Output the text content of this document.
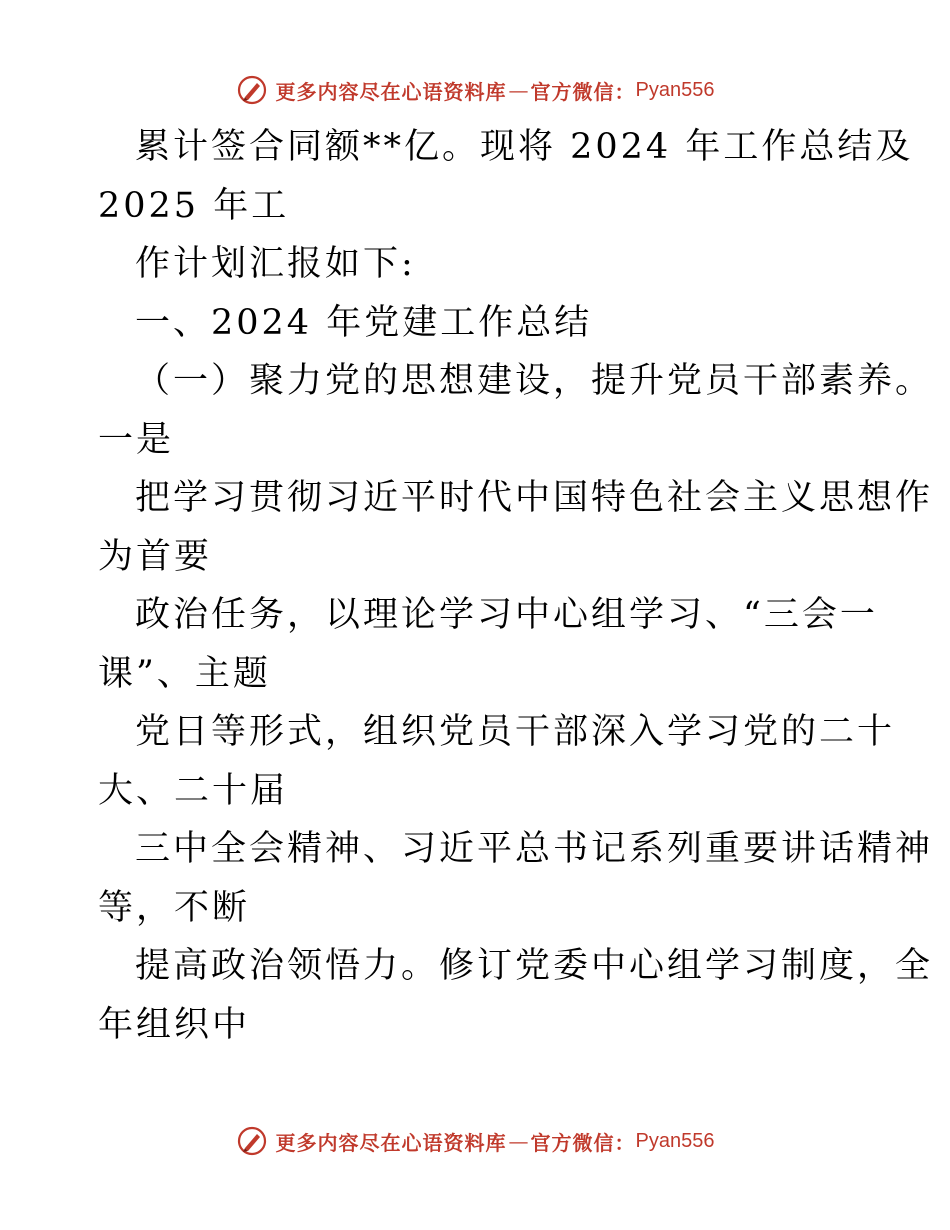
更多内容尽在心语资料库 — 官方微信： Pyan556
累计签合同额**亿。现将 2024 年工作总结及
2025 年工
作计划汇报如下:
一、2024 年党建工作总结
（一）聚力党的思想建设，提升党员干部素养。
一是
把学习贯彻习近平时代中国特色社会主义思想作
为首要
政治任务，以理论学习中心组学习、“三会一
课”、主题
党日等形式，组织党员干部深入学习党的二十
大、二十届
三中全会精神、习近平总书记系列重要讲话精神
等，不断
提高政治领悟力。修订党委中心组学习制度，全
年组织中
更多内容尽在心语资料库 — 官方微信： Pyan556
